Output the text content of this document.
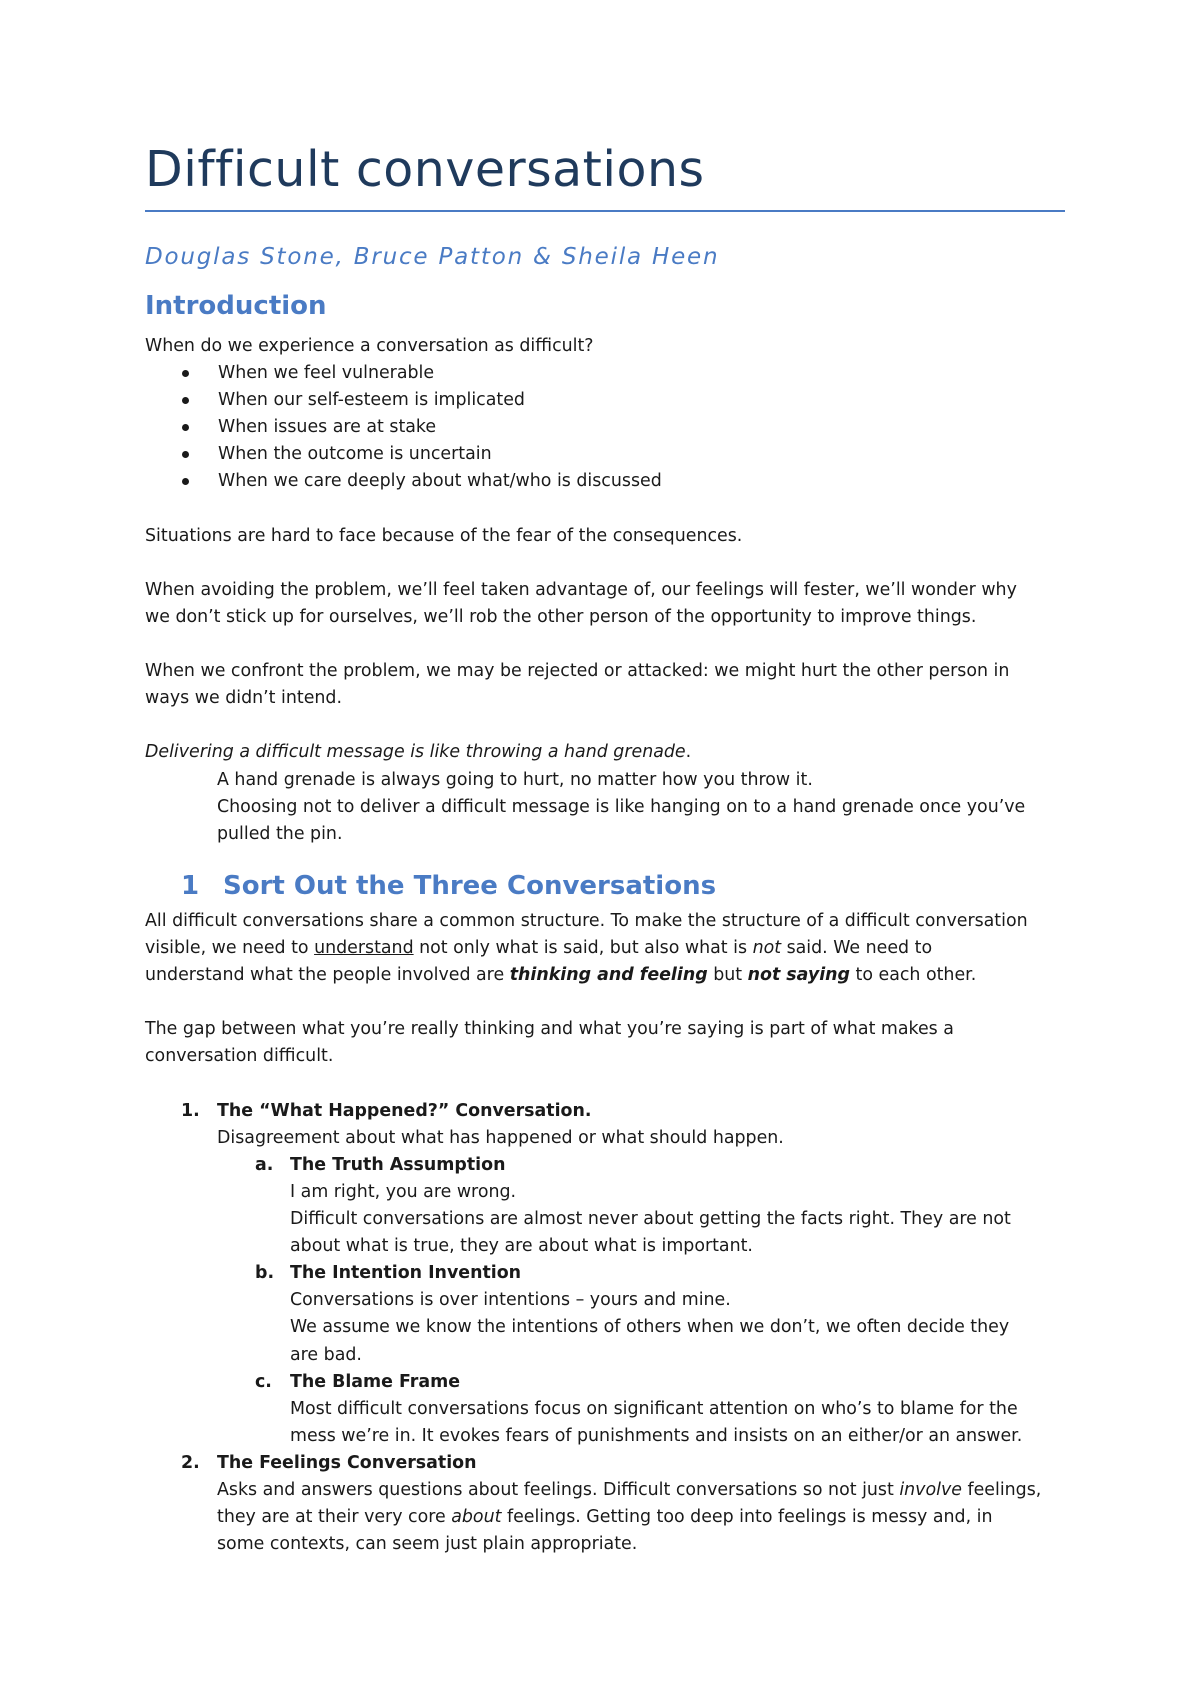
Difficult conversations

Douglas Stone, Bruce Patton & Sheila Heen

Introduction

When do we experience a conversation as difficult?

When we feel vulnerable
When our self-esteem is implicated
When issues are at stake
When the outcome is uncertain
When we care deeply about what/who is discussed

Situations are hard to face because of the fear of the consequences.

When avoiding the problem, we’ll feel taken advantage of, our feelings will fester, we’ll wonder why
we don’t stick up for ourselves, we’ll rob the other person of the opportunity to improve things.

When we confront the problem, we may be rejected or attacked: we might hurt the other person in
ways we didn’t intend.

Delivering a difficult message is like throwing a hand grenade.

A hand grenade is always going to hurt, no matter how you throw it.

Choosing not to deliver a difficult message is like hanging on to a hand grenade once you’ve
pulled the pin.

1 Sort Out the Three Conversations

All difficult conversations share a common structure. To make the structure of a difficult conversation
visible, we need to understand not only what is said, but also what is not said. We need to
understand what the people involved are thinking and feeling but not saying to each other.

The gap between what you’re really thinking and what you’re saying is part of what makes a
conversation difficult.

1. The “What Happened?” Conversation.
Disagreement about what has happened or what should happen.
a. The Truth Assumption
I am right, you are wrong.
Difficult conversations are almost never about getting the facts right. They are not
about what is true, they are about what is important.
b. The Intention Invention
Conversations is over intentions – yours and mine.
We assume we know the intentions of others when we don’t, we often decide they
are bad.
c. The Blame Frame
Most difficult conversations focus on significant attention on who’s to blame for the
mess we’re in. It evokes fears of punishments and insists on an either/or an answer.
2. The Feelings Conversation
Asks and answers questions about feelings. Difficult conversations so not just involve feelings,
they are at their very core about feelings. Getting too deep into feelings is messy and, in
some contexts, can seem just plain appropriate.
